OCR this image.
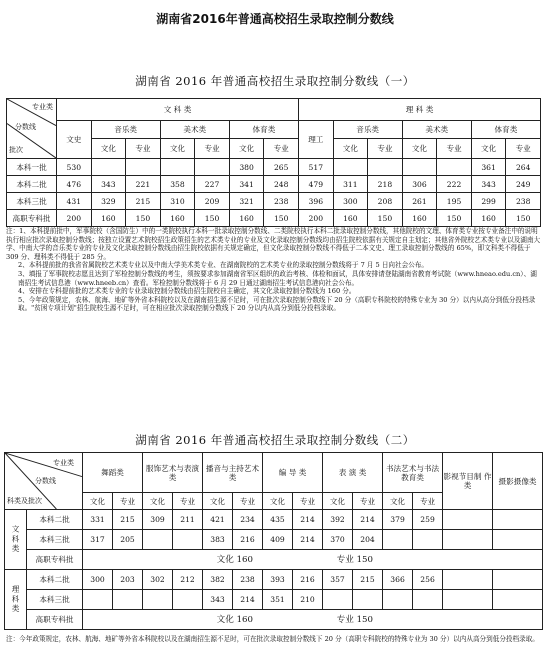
湖南省2016年普通高校招生录取控制分数线
湖南省 2016 年普通高校招生录取控制分数线（一）
专业类
分数线
批次	文 科 类							理 科 类						
	文史	音乐类		美术类		体育类		理工	音乐类		美术类		体育类	
		文化	专业	文化	专业	文化	专业		文化	专业	文化	专业	文化	专业
本科一批	530					380	265	517					361	264
本科二批	476	343	221	358	227	341	248	479	311	218	306	222	343	249
本科三批	431	329	215	310	209	321	238	396	300	208	261	195	299	238
高职专科批	200	160	150	160	150	160	150	200	160	150	160	150	160	150

注：1、本科提前批中，军事院校（含国防生）中的一类院校执行本科一批录取控制分数线、二类院校执行本科二批录取控制分数线，其他院校的文理、体育类专业按专业备注中的说明执行相应批次录取控制分数线；按独立设置艺术院校招生政策招生的艺术类专业的专业及文化录取控制分数线均由招生院校依据有关规定自主划定；其他省外院校艺术类专业以及湖南大学、中南大学的音乐类专业的专业及文化录取控制分数线由招生院校依据有关规定确定，但文化录取控制分数线不得低于二本文史、理工录取控制分数线的 65%，即文科类不得低于 309 分、理科类不得低于 285 分。

2、本科提前批的我省省属院校艺术类专业以及中南大学美术类专业、在湖南院校的艺术类专业的录取控制分数线将于 7 月 5 日向社会公布。

3、填报了军事院校志愿且达到了军检控制分数线的考生，须按要求参加湖南省军区组织的政治考核、体检和面试，具体安排请登陆湖南省教育考试院（www.hneao.edu.cn）、湖南招生考试信息港（www.hneeb.cn）查看。军检控制分数线将于 6 月 29 日通过湖南招生考试信息港向社会公布。

4、安排在专科提前批的艺术类专业的专业录取控制分数线由招生院校自主确定，其文化录取控制分数线为 160 分。

5、今年政策规定，农林、航海、地矿等外省本科院校以及在湖南招生源不足时，可在批次录取控制分数线下 20 分（高职专科院校的特殊专业为 30 分）以内从高分到低分投档录取。"贫困专项计划"招生院校生源不足时，可在相应批次录取控制分数线下 20 分以内从高分到低分投档录取。

湖南省 2016 年普通高校招生录取控制分数线（二）
专业类
分数线
科类及批次		舞蹈类		服饰艺术与表演类		播音与主持艺术类		编 导 类		表 演 类		书法艺术与书法教育类		影视节目制 作 类	摄影摄像类
		文化	专业	文化	专业	文化	专业	文化	专业	文化	专业	文化	专业		
文科类	本科二批	331	215	309	211	421	234	435	214	392	214	379	259		
	本科三批	317	205			383	216	409	214	370	204				
	高职专科批	文化 160 专业 150													
理科类	本科二批	300	203	302	212	382	238	393	216	357	215	366	256		
	本科三批					343	214	351	210						
	高职专科批	文化 160 专业 150													

注：今年政策规定，农林、航海、地矿等外省本科院校以及在湖南招生源不足时，可在批次录取控制分数线下 20 分（高职专科院校的特殊专业为 30 分）以内从高分到低分投档录取。
